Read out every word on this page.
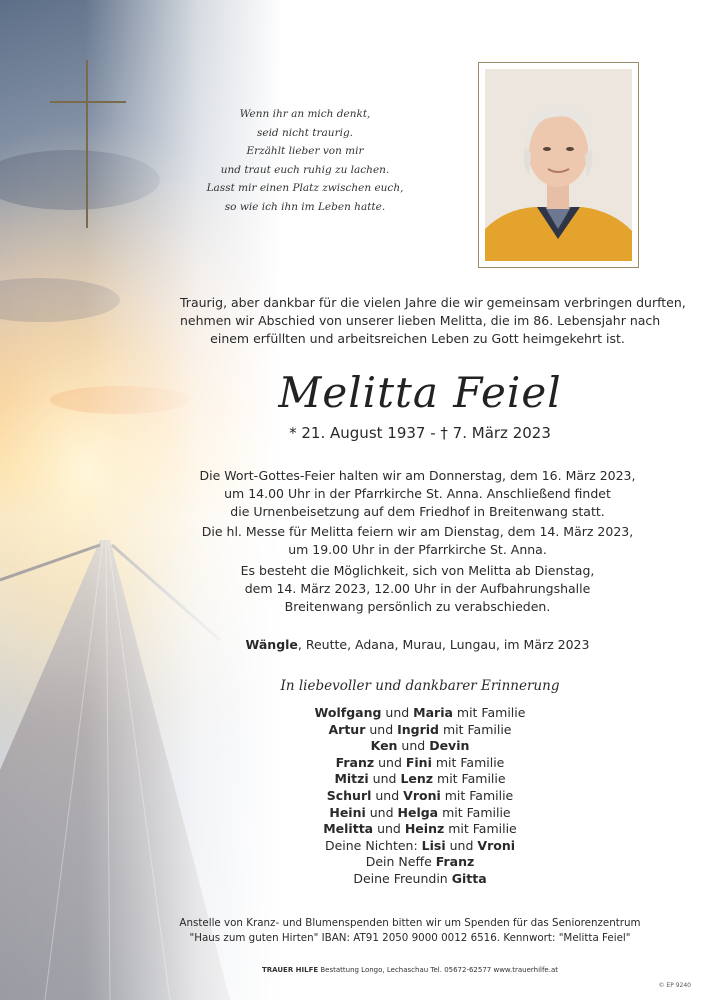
Wenn ihr an mich denkt,
seid nicht traurig.
Erzählt lieber von mir
und traut euch ruhig zu lachen.
Lasst mir einen Platz zwischen euch,
so wie ich ihn im Leben hatte.
Traurig, aber dankbar für die vielen Jahre die wir gemeinsam verbringen durften,
nehmen wir Abschied von unserer lieben Melitta, die im 86. Lebensjahr nach
einem erfüllten und arbeitsreichen Leben zu Gott heimgekehrt ist.
Melitta Feiel
* 21. August 1937 - † 7. März 2023
Die Wort-Gottes-Feier halten wir am Donnerstag, dem 16. März 2023,
um 14.00 Uhr in der Pfarrkirche St. Anna. Anschließend findet
die Urnenbeisetzung auf dem Friedhof in Breitenwang statt.
Die hl. Messe für Melitta feiern wir am Dienstag, dem 14. März 2023,
um 19.00 Uhr in der Pfarrkirche St. Anna.
Es besteht die Möglichkeit, sich von Melitta ab Dienstag,
dem 14. März 2023, 12.00 Uhr in der Aufbahrungshalle
Breitenwang persönlich zu verabschieden.
Wängle, Reutte, Adana, Murau, Lungau, im März 2023
In liebevoller und dankbarer Erinnerung
Wolfgang und Maria mit Familie
Artur und Ingrid mit Familie
Ken und Devin
Franz und Fini mit Familie
Mitzi und Lenz mit Familie
Schurl und Vroni mit Familie
Heini und Helga mit Familie
Melitta und Heinz mit Familie
Deine Nichten: Lisi und Vroni
Dein Neffe Franz
Deine Freundin Gitta
Anstelle von Kranz- und Blumenspenden bitten wir um Spenden für das Seniorenzentrum
"Haus zum guten Hirten" IBAN: AT91 2050 9000 0012 6516. Kennwort: "Melitta Feiel"
TRAUER HILFE Bestattung Longo, Lechaschau Tel. 05672-62577 www.trauerhilfe.at
© EP 9240
